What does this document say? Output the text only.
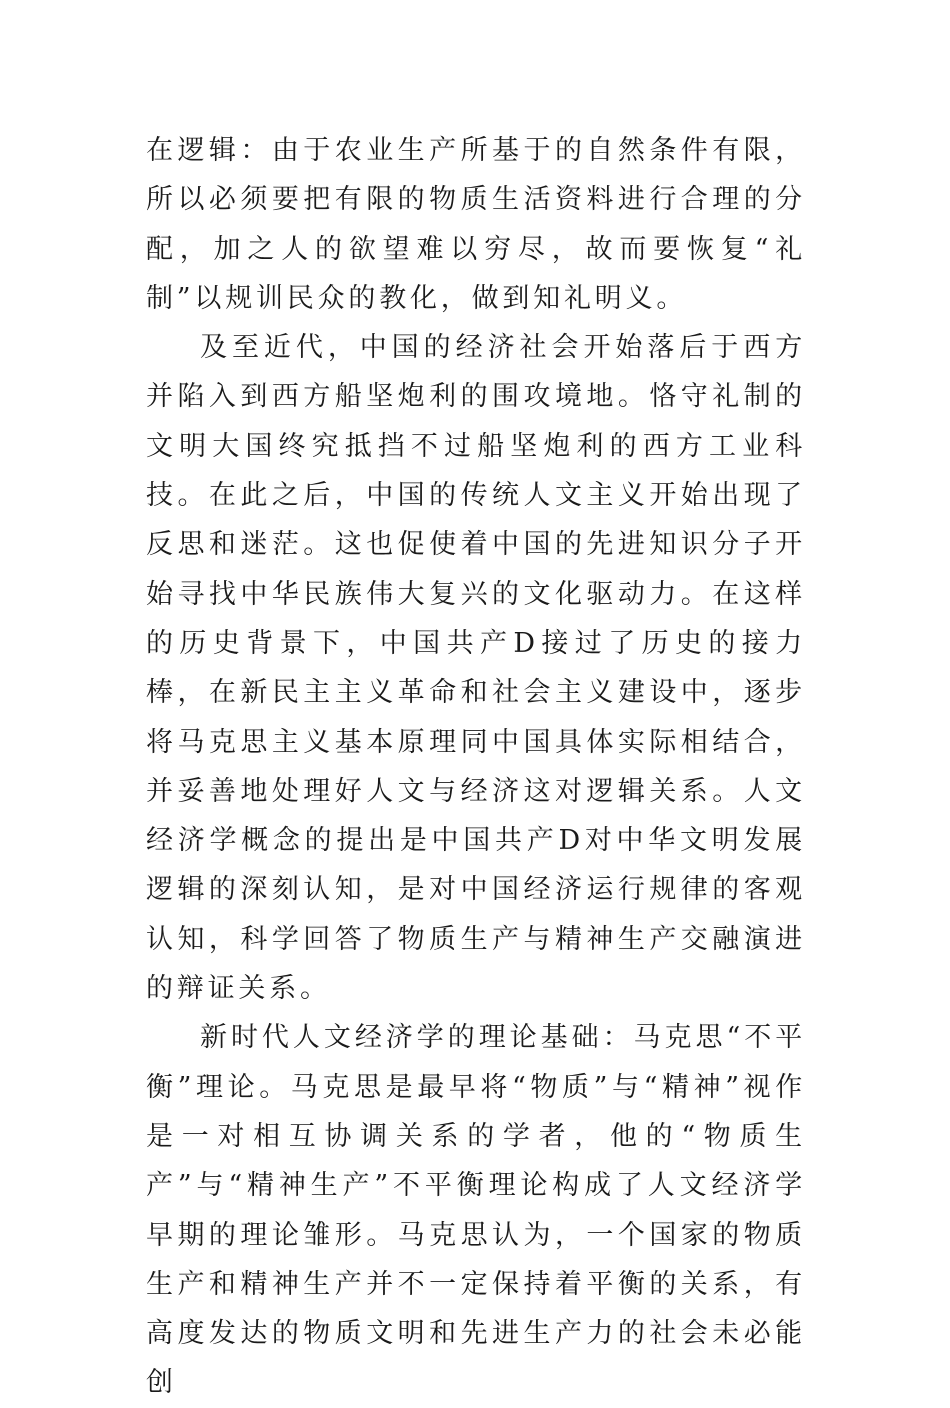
在逻辑：由于农业生产所基于的自然条件有限，所以必须要把有限的物质生活资料进行合理的分配，加之人的欲望难以穷尽，故而要恢复“礼制”以规训民众的教化，做到知礼明义。

及至近代，中国的经济社会开始落后于西方并陷入到西方船坚炮利的围攻境地。恪守礼制的文明大国终究抵挡不过船坚炮利的西方工业科技。在此之后，中国的传统人文主义开始出现了反思和迷茫。这也促使着中国的先进知识分子开始寻找中华民族伟大复兴的文化驱动力。在这样的历史背景下，中国共产D接过了历史的接力棒，在新民主主义革命和社会主义建设中，逐步将马克思主义基本原理同中国具体实际相结合，并妥善地处理好人文与经济这对逻辑关系。人文经济学概念的提出是中国共产D对中华文明发展逻辑的深刻认知，是对中国经济运行规律的客观认知，科学回答了物质生产与精神生产交融演进的辩证关系。

新时代人文经济学的理论基础：马克思“不平衡”理论。马克思是最早将“物质”与“精神”视作是一对相互协调关系的学者，他的“物质生产”与“精神生产”不平衡理论构成了人文经济学早期的理论雏形。马克思认为，一个国家的物质生产和精神生产并不一定保持着平衡的关系，有高度发达的物质文明和先进生产力的社会未必能创
